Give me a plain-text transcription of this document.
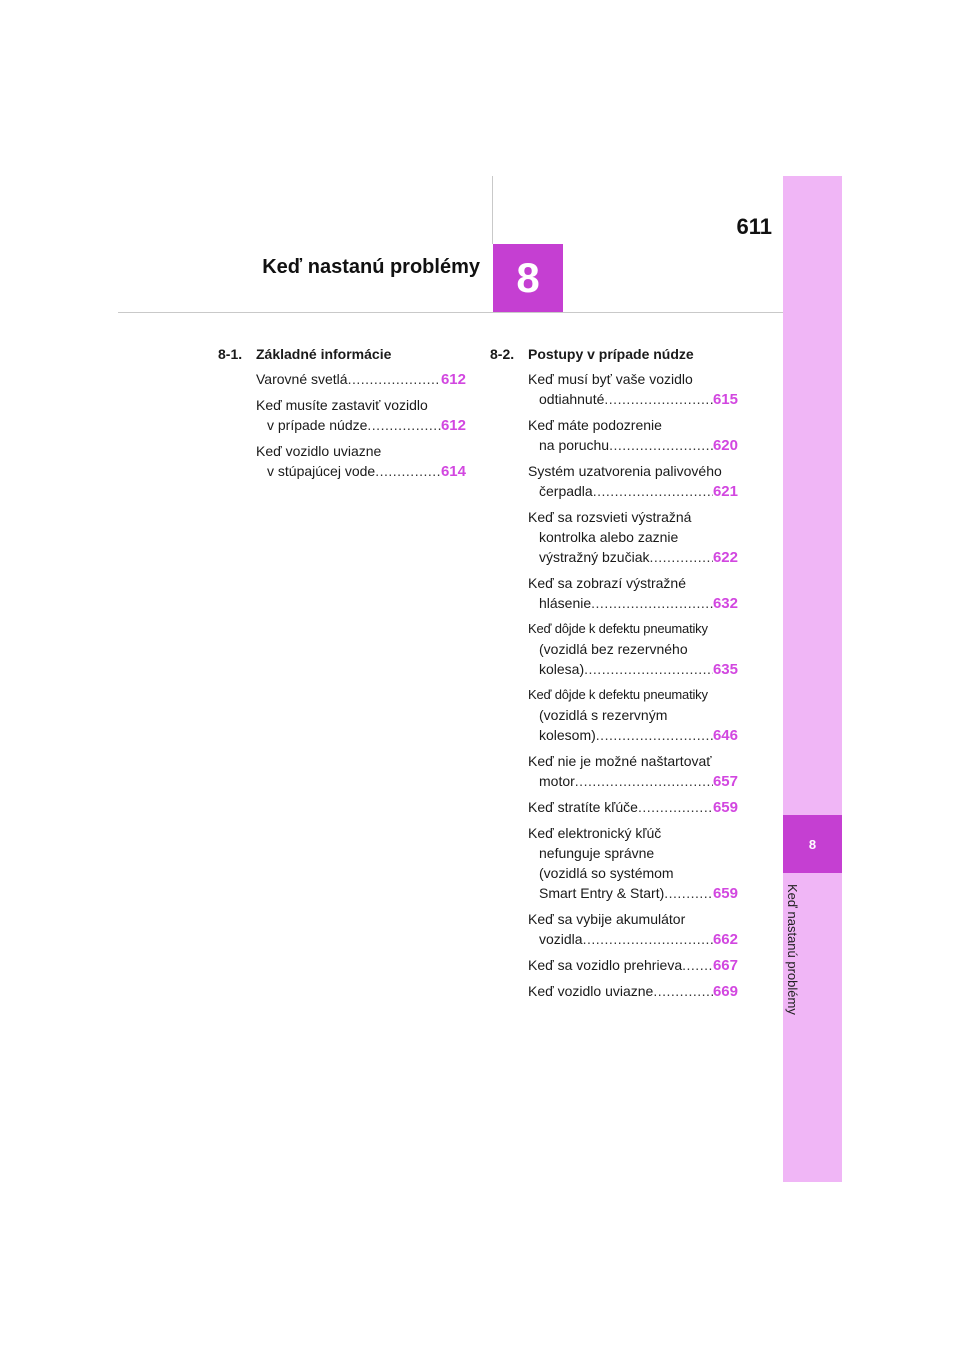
8
Keď nastanú problémy
611
8
Keď nastanú problémy
8-1. Základné informácie
Varovné svetlá .....	612
Keď musíte zastaviť vozidlo
v prípade núdze .....	612
Keď vozidlo uviazne
v stúpajúcej vode .....	614
8-2. Postupy v prípade núdze
Keď musí byť vaše vozidlo
odtiahnuté .....	615
Keď máte podozrenie
na poruchu .....	620
Systém uzatvorenia palivového
čerpadla .....	621
Keď sa rozsvieti výstražná
kontrolka alebo zaznie
výstražný bzučiak .....	622
Keď sa zobrazí výstražné
hlásenie .....	632
Keď dôjde k defektu pneumatiky
(vozidlá bez rezervného
kolesa) .....	635
Keď dôjde k defektu pneumatiky
(vozidlá s rezervným
kolesom) .....	646
Keď nie je možné naštartovať
motor .....	657
Keď stratíte kľúče .....	659
Keď elektronický kľúč
nefunguje správne
(vozidlá so systémom
Smart Entry & Start) .....	659
Keď sa vybije akumulátor
vozidla .....	662
Keď sa vozidlo prehrieva ..... 667
Keď vozidlo uviazne .....	669
